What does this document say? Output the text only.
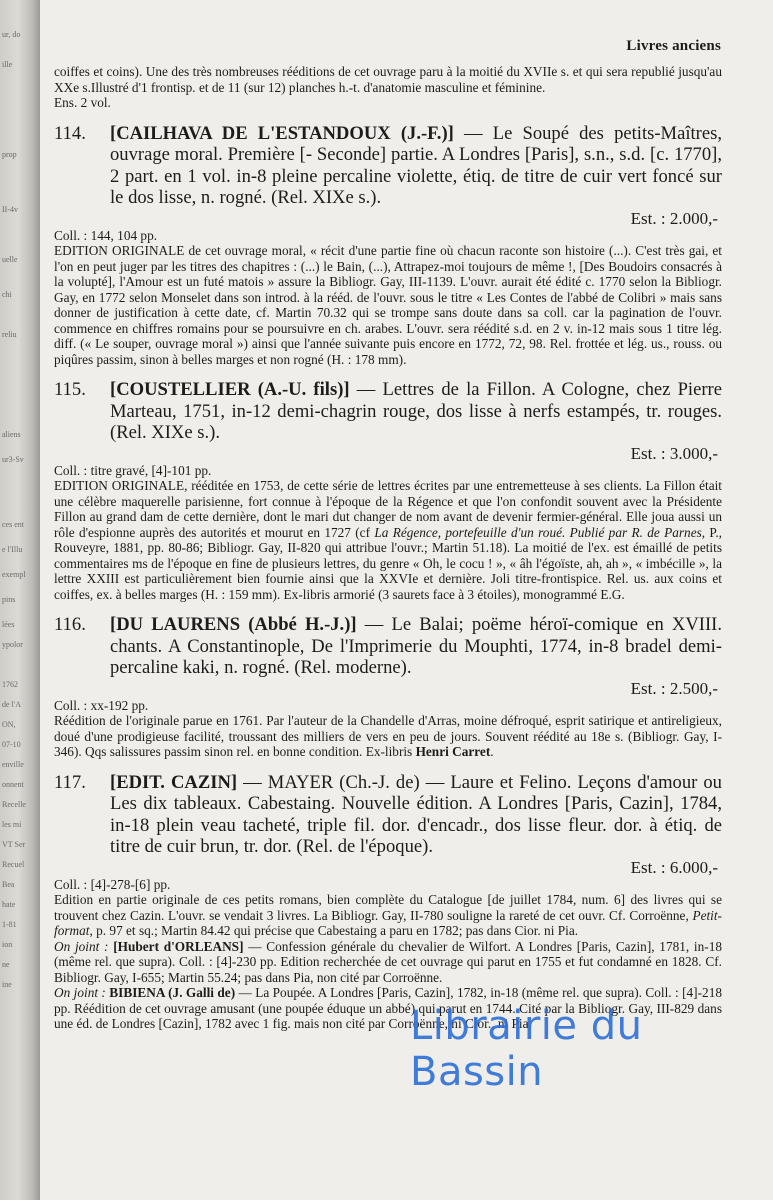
ur, do
ille
prop
II-4v
uelle
chi
reliu
aliens
ur3-Sv
ces ent
e l'Illu
exempl
pins
lées
ypolor
1762
de l'A
ON,
07-10
enville
onnent
Recelle
les mi
VT Ser
Recuel
Bea
hate
1-81
ion
ne
ine
Livres anciens
coiffes et coins). Une des très nombreuses rééditions de cet ouvrage paru à la moitié du XVIIe s. et qui sera republié jusqu'au XXe s.Illustré d'1 frontisp. et de 11 (sur 12) planches h.-t. d'anatomie masculine et féminine.
Ens. 2 vol.
114. [CAILHAVA DE L'ESTANDOUX (J.-F.)] — Le Soupé des petits-Maîtres, ouvrage moral. Première [- Seconde] partie. A Londres [Paris], s.n., s.d. [c. 1770], 2 part. en 1 vol. in-8 pleine percaline violette, étiq. de titre de cuir vert foncé sur le dos lisse, n. rogné. (Rel. XIXe s.).
Est. : 2.000,-
Coll. : 144, 104 pp.
EDITION ORIGINALE de cet ouvrage moral, « récit d'une partie fine où chacun raconte son histoire (...). C'est très gai, et l'on en peut juger par les titres des chapitres : (...) le Bain, (...), Attrapez-moi toujours de même !, [Des Boudoirs consacrés à la volupté], l'Amour est un futé matois » assure la Bibliogr. Gay, III-1139. L'ouvr. aurait été édité c. 1770 selon la Bibliogr. Gay, en 1772 selon Monselet dans son introd. à la rééd. de l'ouvr. sous le titre « Les Contes de l'abbé de Colibri » mais sans donner de justification à cette date, cf. Martin 70.32 qui se trompe sans doute dans sa coll. car la pagination de l'ouvr. commence en chiffres romains pour se poursuivre en ch. arabes. L'ouvr. sera réédité s.d. en 2 v. in-12 mais sous 1 titre lég. diff. (« Le souper, ouvrage moral ») ainsi que l'année suivante puis encore en 1772, 72, 98. Rel. frottée et lég. us., rouss. ou piqûres passim, sinon à belles marges et non rogné (H. : 178 mm).
115. [COUSTELLIER (A.-U. fils)] — Lettres de la Fillon. A Cologne, chez Pierre Marteau, 1751, in-12 demi-chagrin rouge, dos lisse à nerfs estampés, tr. rouges. (Rel. XIXe s.).
Est. : 3.000,-
Coll. : titre gravé, [4]-101 pp.
EDITION ORIGINALE, rééditée en 1753, de cette série de lettres écrites par une entremetteuse à ses clients. La Fillon était une célèbre maquerelle parisienne, fort connue à l'époque de la Régence et que l'on confondit souvent avec la Présidente Fillon au grand dam de cette dernière, dont le mari dut changer de nom avant de devenir fermier-général. Elle joua aussi un rôle d'espionne auprès des autorités et mourut en 1727 (cf La Régence, portefeuille d'un roué. Publié par R. de Parnes, P., Rouveyre, 1881, pp. 80-86; Bibliogr. Gay, II-820 qui attribue l'ouvr.; Martin 51.18). La moitié de l'ex. est émaillé de petits commentaires ms de l'époque en fine de plusieurs lettres, du genre « Oh, le cocu ! », « âh l'égoïste, ah, ah », « imbécille », la lettre XXIII est particulièrement bien fournie ainsi que la XXVIe et dernière. Joli titre-frontispice. Rel. us. aux coins et coiffes, ex. à belles marges (H. : 159 mm). Ex-libris armorié (3 saurets face à 3 étoiles), monogrammé E.G.
116. [DU LAURENS (Abbé H.-J.)] — Le Balai; poëme héroï-comique en XVIII. chants. A Constantinople, De l'Imprimerie du Mouphti, 1774, in-8 bradel demi-percaline kaki, n. rogné. (Rel. moderne).
Est. : 2.500,-
Coll. : xx-192 pp.
Réédition de l'originale parue en 1761. Par l'auteur de la Chandelle d'Arras, moine défroqué, esprit satirique et antireligieux, doué d'une prodigieuse facilité, troussant des milliers de vers en peu de jours. Souvent réédité au 18e s. (Bibliogr. Gay, I-346). Qqs salissures passim sinon rel. en bonne condition. Ex-libris Henri Carret.
117. [EDIT. CAZIN] — MAYER (Ch.-J. de) — Laure et Felino. Leçons d'amour ou Les dix tableaux. Cabestaing. Nouvelle édition. A Londres [Paris, Cazin], 1784, in-18 plein veau tacheté, triple fil. dor. d'encadr., dos lisse fleur. dor. à étiq. de titre de cuir brun, tr. dor. (Rel. de l'époque).
Est. : 6.000,-
Coll. : [4]-278-[6] pp.
Edition en partie originale de ces petits romans, bien complète du Catalogue [de juillet 1784, num. 6] des livres qui se trouvent chez Cazin. L'ouvr. se vendait 3 livres. La Bibliogr. Gay, II-780 souligne la rareté de cet ouvr. Cf. Corroënne, Petit-format, p. 97 et sq.; Martin 84.42 qui précise que Cabestaing a paru en 1782; pas dans Cior. ni Pia.
On joint : [Hubert d'ORLEANS] — Confession générale du chevalier de Wilfort. A Londres [Paris, Cazin], 1781, in-18 (même rel. que supra). Coll. : [4]-230 pp. Edition recherchée de cet ouvrage qui parut en 1755 et fut condamné en 1828. Cf. Bibliogr. Gay, I-655; Martin 55.24; pas dans Pia, non cité par Corroënne.
On joint : BIBIENA (J. Galli de) — La Poupée. A Londres [Paris, Cazin], 1782, in-18 (même rel. que supra). Coll. : [4]-218 pp. Réédition de cet ouvrage amusant (une poupée éduque un abbé) qui parut en 1744. Cité par la Bibliogr. Gay, III-829 dans une éd. de Londres [Cazin], 1782 avec 1 fig. mais non cité par Corroënne, ni Cior., ni Pia.
Librairie du Bassin
